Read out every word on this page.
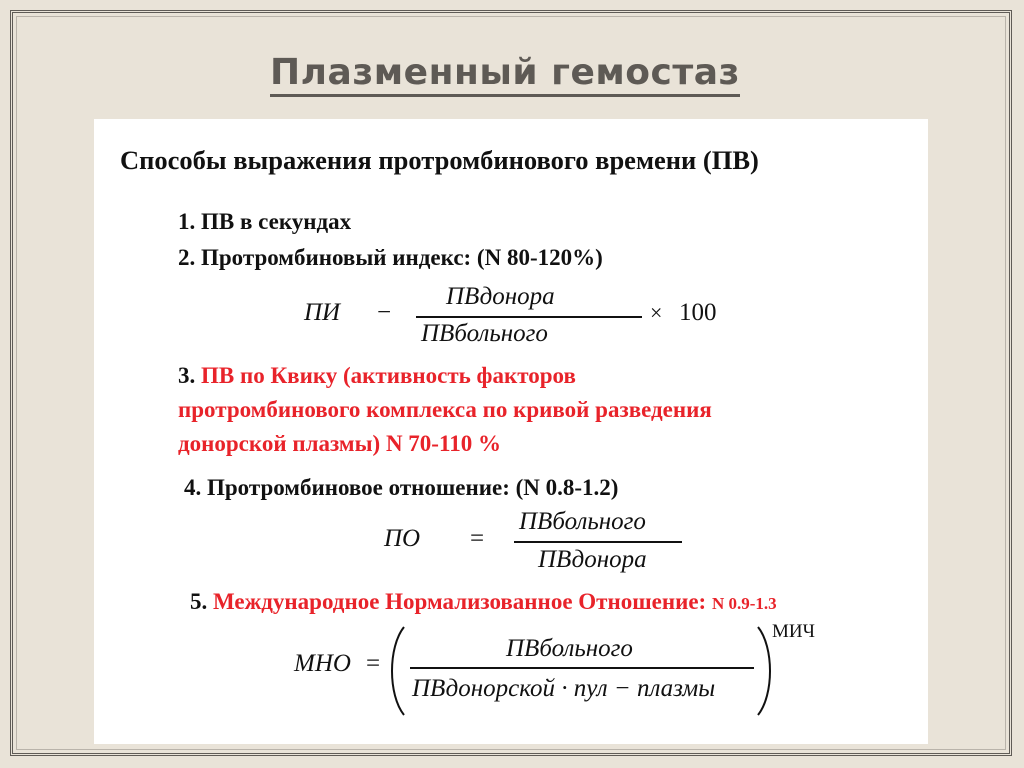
Плазменный гемостаз
Способы выражения протромбинового времени (ПВ)
1. ПВ в секундах
2. Протромбиновый индекс: (N 80-120%)
ПИ −
ПВдонора
ПВбольного
× 100
3. ПВ по Квику (активность факторов
протромбинового комплекса по кривой разведения
донорской плазмы) N 70-110 %
4. Протромбиновое отношение: (N 0.8-1.2)
ПО =
ПВбольного
ПВдонора
5. Международное Нормализованное Отношение: N 0.9-1.3
МНО =
ПВбольного
ПВдонорской · пул − плазмы
МИЧ
